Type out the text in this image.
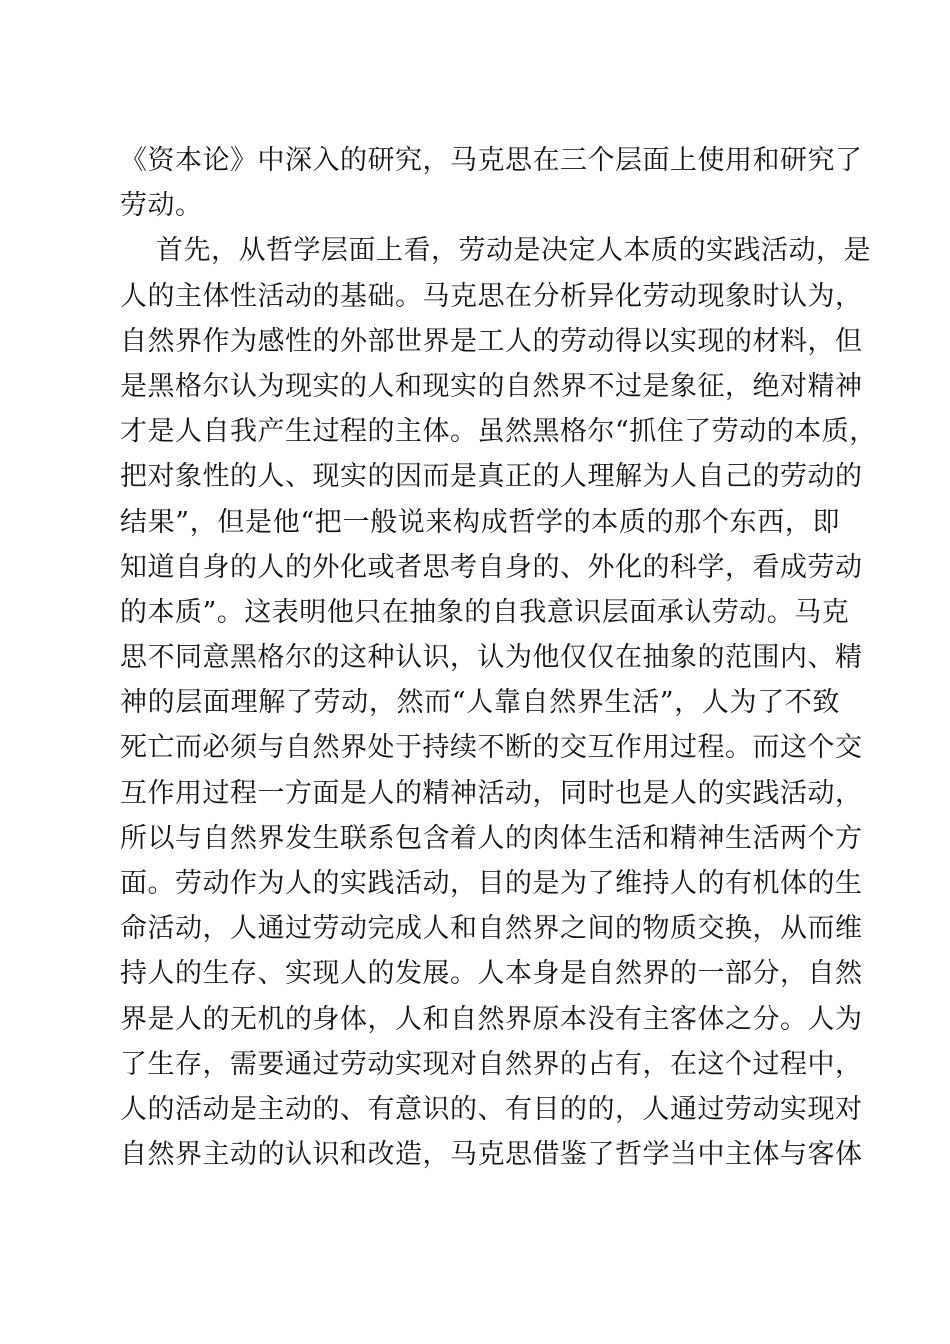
《资本论》中深入的研究，马克思在三个层面上使用和研究了
劳动。
首先，从哲学层面上看，劳动是决定人本质的实践活动，是
人的主体性活动的基础。马克思在分析异化劳动现象时认为，
自然界作为感性的外部世界是工人的劳动得以实现的材料，但
是黑格尔认为现实的人和现实的自然界不过是象征，绝对精神
才是人自我产生过程的主体。虽然黑格尔“抓住了劳动的本质，
把对象性的人、现实的因而是真正的人理解为人自己的劳动的
结果”，但是他“把一般说来构成哲学的本质的那个东西，即
知道自身的人的外化或者思考自身的、外化的科学，看成劳动
的本质”。这表明他只在抽象的自我意识层面承认劳动。马克
思不同意黑格尔的这种认识，认为他仅仅在抽象的范围内、精
神的层面理解了劳动，然而“人靠自然界生活”，人为了不致
死亡而必须与自然界处于持续不断的交互作用过程。而这个交
互作用过程一方面是人的精神活动，同时也是人的实践活动，
所以与自然界发生联系包含着人的肉体生活和精神生活两个方
面。劳动作为人的实践活动，目的是为了维持人的有机体的生
命活动，人通过劳动完成人和自然界之间的物质交换，从而维
持人的生存、实现人的发展。人本身是自然界的一部分，自然
界是人的无机的身体，人和自然界原本没有主客体之分。人为
了生存，需要通过劳动实现对自然界的占有，在这个过程中，
人的活动是主动的、有意识的、有目的的，人通过劳动实现对
自然界主动的认识和改造，马克思借鉴了哲学当中主体与客体
